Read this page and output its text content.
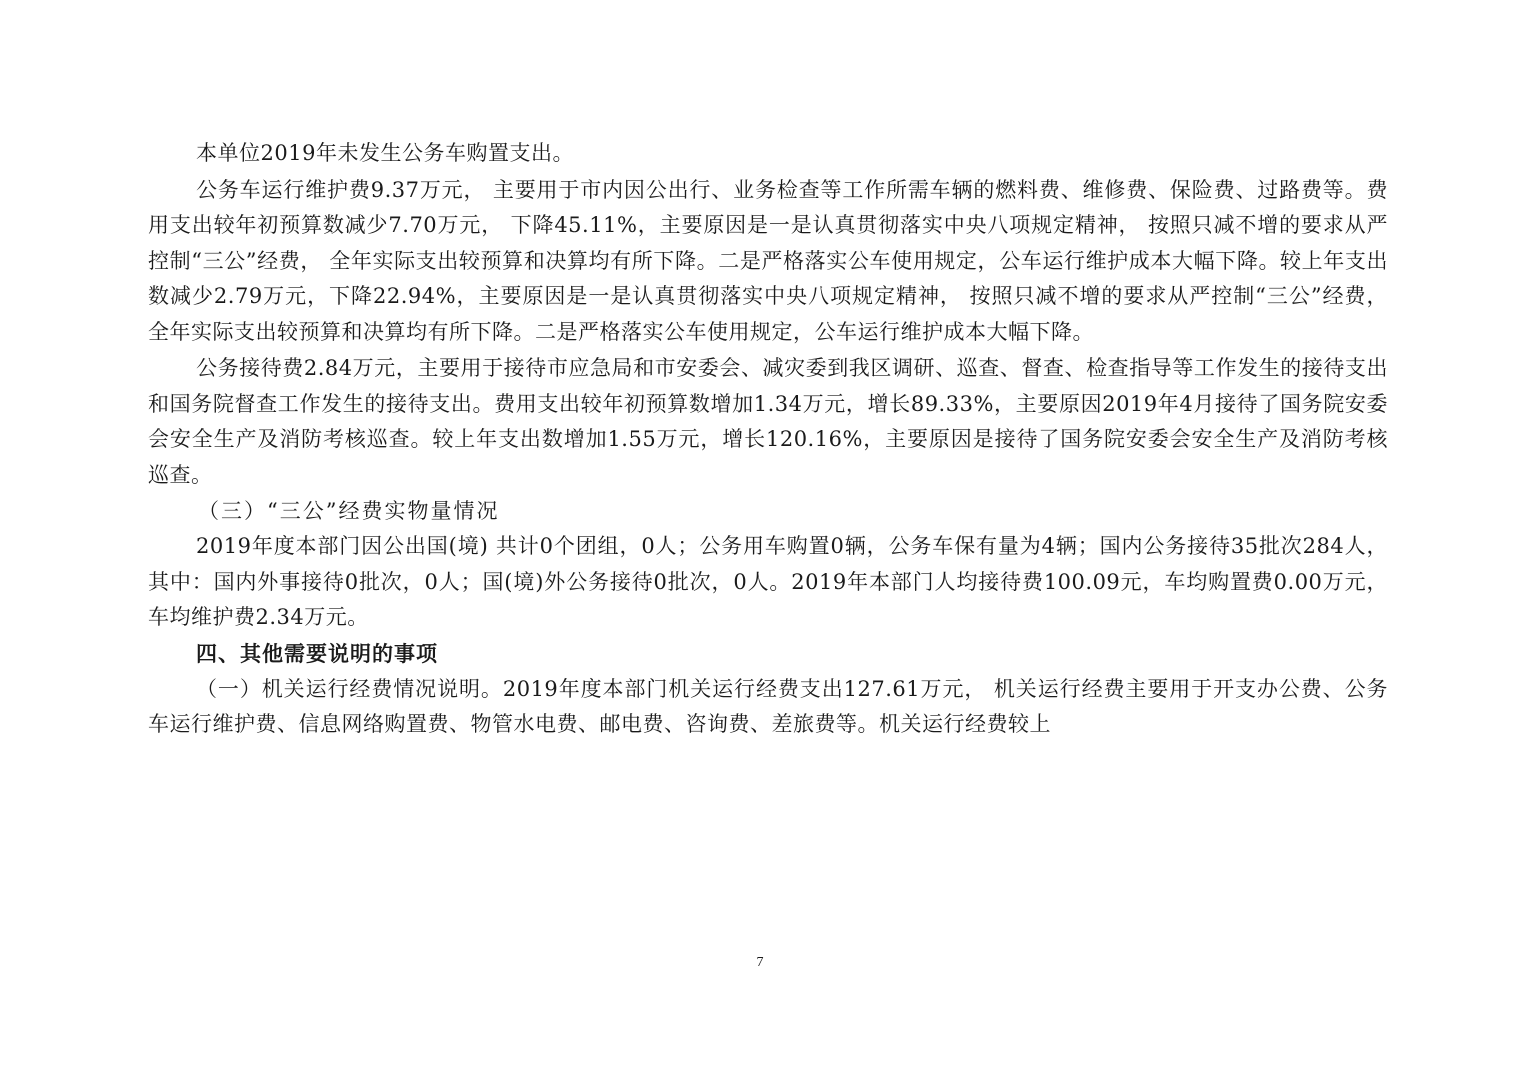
本单位2019年未发生公务车购置支出。

公务车运行维护费9.37万元， 主要用于市内因公出行、业务检查等工作所需车辆的燃料费、维修费、保险费、过路费等。费用支出较年初预算数减少7.70万元， 下降45.11%，主要原因是一是认真贯彻落实中央八项规定精神， 按照只减不增的要求从严控制“三公”经费， 全年实际支出较预算和决算均有所下降。二是严格落实公车使用规定，公车运行维护成本大幅下降。较上年支出数减少2.79万元，下降22.94%，主要原因是一是认真贯彻落实中央八项规定精神， 按照只减不增的要求从严控制“三公”经费， 全年实际支出较预算和决算均有所下降。二是严格落实公车使用规定，公车运行维护成本大幅下降。

公务接待费2.84万元，主要用于接待市应急局和市安委会、减灾委到我区调研、巡查、督查、检查指导等工作发生的接待支出和国务院督查工作发生的接待支出。费用支出较年初预算数增加1.34万元，增长89.33%，主要原因2019年4月接待了国务院安委会安全生产及消防考核巡查。较上年支出数增加1.55万元，增长120.16%，主要原因是接待了国务院安委会安全生产及消防考核巡查。

（三）“三公”经费实物量情况

2019年度本部门因公出国(境) 共计0个团组，0人；公务用车购置0辆，公务车保有量为4辆；国内公务接待35批次284人，其中：国内外事接待0批次，0人；国(境)外公务接待0批次，0人。2019年本部门人均接待费100.09元，车均购置费0.00万元，车均维护费2.34万元。

四、其他需要说明的事项

（一）机关运行经费情况说明。2019年度本部门机关运行经费支出127.61万元， 机关运行经费主要用于开支办公费、公务车运行维护费、信息网络购置费、物管水电费、邮电费、咨询费、差旅费等。机关运行经费较上

7
